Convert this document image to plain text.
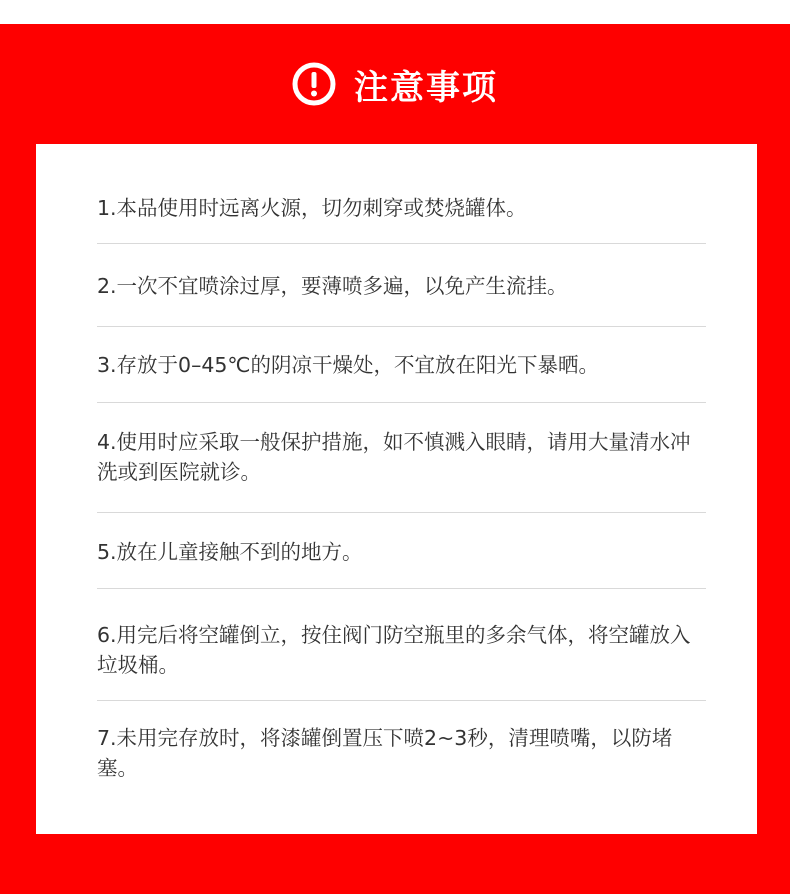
注意事项
1.本品使用时远离火源，切勿刺穿或焚烧罐体。
2.一次不宜喷涂过厚，要薄喷多遍，以免产生流挂。
3.存放于0–45℃的阴凉干燥处，不宜放在阳光下暴晒。
4.使用时应采取一般保护措施，如不慎溅入眼睛，请用大量清水冲洗或到医院就诊。
5.放在儿童接触不到的地方。
6.用完后将空罐倒立，按住阀门防空瓶里的多余气体，将空罐放入垃圾桶。
7.未用完存放时，将漆罐倒置压下喷2~3秒，清理喷嘴，以防堵塞。
